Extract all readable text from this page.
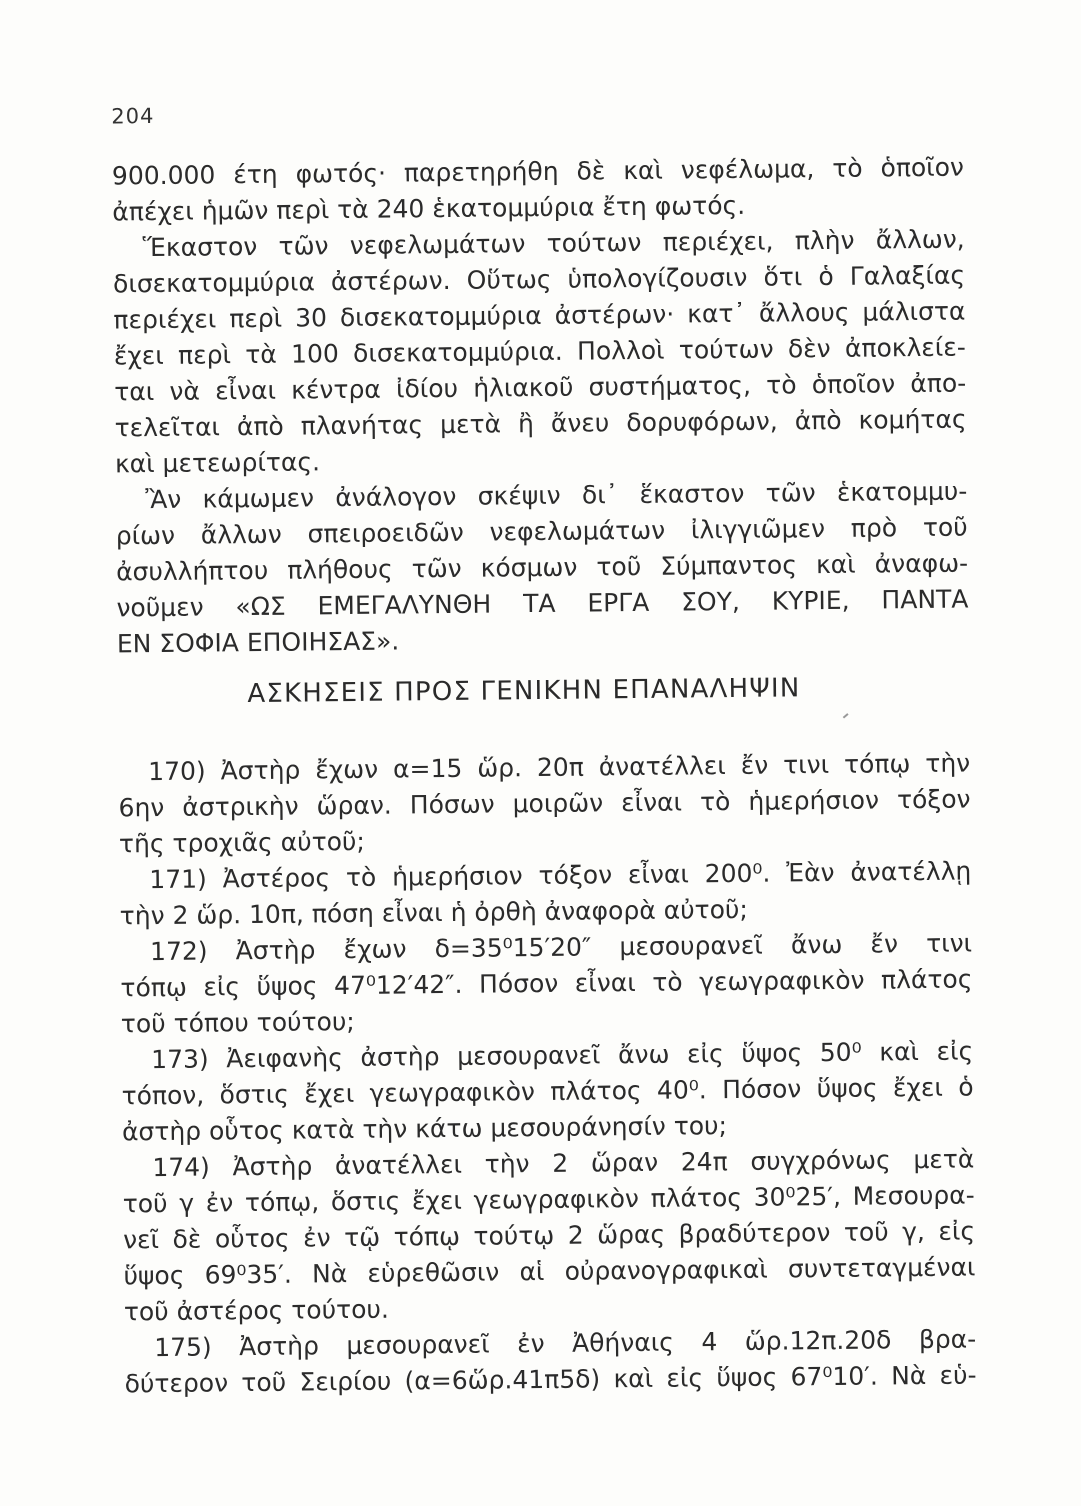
204
900.000 έτη φωτός· παρετηρήθη δὲ καὶ νεφέλωμα, τὸ ὁποῖον
ἀπέχει ἡμῶν περὶ τὰ 240 ἑκατομμύρια ἔτη φωτός.
Ἕκαστον τῶν νεφελωμάτων τούτων περιέχει, πλὴν ἄλλων,
δισεκατομμύρια ἀστέρων. Οὕτως ὑπολογίζουσιν ὅτι ὁ Γαλαξίας
περιέχει περὶ 30 δισεκατομμύρια ἀστέρων· κατ᾽ ἄλλους μάλιστα
ἔχει περὶ τὰ 100 δισεκατομμύρια. Πολλοὶ τούτων δὲν ἀποκλείε-
ται νὰ εἶναι κέντρα ἰδίου ἡλιακοῦ συστήματος, τὸ ὁποῖον ἀπο-
τελεῖται ἀπὸ πλανήτας μετὰ ἢ ἄνευ δορυφόρων, ἀπὸ κομήτας
καὶ μετεωρίτας.
Ἂν κάμωμεν ἀνάλογον σκέψιν δι᾽ ἕκαστον τῶν ἑκατομμυ-
ρίων ἄλλων σπειροειδῶν νεφελωμάτων ἰλιγγιῶμεν πρὸ τοῦ
ἀσυλλήπτου πλήθους τῶν κόσμων τοῦ Σύμπαντος καὶ ἀναφω-
νοῦμεν «ΩΣ ΕΜΕΓΑΛΥΝΘΗ ΤΑ ΕΡΓΑ ΣΟΥ, ΚΥΡΙΕ, ΠΑΝΤΑ
ΕΝ ΣΟΦΙΑ ΕΠΟΙΗΣΑΣ».
ΑΣΚΗΣΕΙΣ ΠΡΟΣ ΓΕΝΙΚΗΝ ΕΠΑΝΑΛΗΨΙΝ
170) Ἀστὴρ ἔχων α=15 ὥρ. 20π ἀνατέλλει ἔν τινι τόπῳ τὴν
6ην ἀστρικὴν ὥραν. Πόσων μοιρῶν εἶναι τὸ ἡμερήσιον τόξον
τῆς τροχιᾶς αὐτοῦ;
171) Ἀστέρος τὸ ἡμερήσιον τόξον εἶναι 200⁰. Ἐὰν ἀνατέλλῃ
τὴν 2 ὥρ. 10π, πόση εἶναι ἡ ὀρθὴ ἀναφορὰ αὐτοῦ;
172) Ἀστὴρ ἔχων δ=35⁰15′20″ μεσουρανεῖ ἄνω ἔν τινι
τόπῳ εἰς ὕψος 47⁰12′42″. Πόσον εἶναι τὸ γεωγραφικὸν πλάτος
τοῦ τόπου τούτου;
173) Ἀειφανὴς ἀστὴρ μεσουρανεῖ ἄνω εἰς ὕψος 50⁰ καὶ εἰς
τόπον, ὅστις ἔχει γεωγραφικὸν πλάτος 40⁰. Πόσον ὕψος ἔχει ὁ
ἀστὴρ οὗτος κατὰ τὴν κάτω μεσουράνησίν του;
174) Ἀστὴρ ἀνατέλλει τὴν 2 ὥραν 24π συγχρόνως μετὰ
τοῦ γ ἐν τόπῳ, ὅστις ἔχει γεωγραφικὸν πλάτος 30⁰25′, Μεσουρα-
νεῖ δὲ οὗτος ἐν τῷ τόπῳ τούτῳ 2 ὥρας βραδύτερον τοῦ γ, εἰς
ὕψος 69⁰35′. Νὰ εὑρεθῶσιν αἱ οὐρανογραφικαὶ συντεταγμέναι
τοῦ ἀστέρος τούτου.
175) Ἀστὴρ μεσουρανεῖ ἐν Ἀθήναις 4 ὥρ.12π.20δ βρα-
δύτερον τοῦ Σειρίου (α=6ὥρ.41π5δ) καὶ εἰς ὕψος 67⁰10′. Νὰ εὑ-
